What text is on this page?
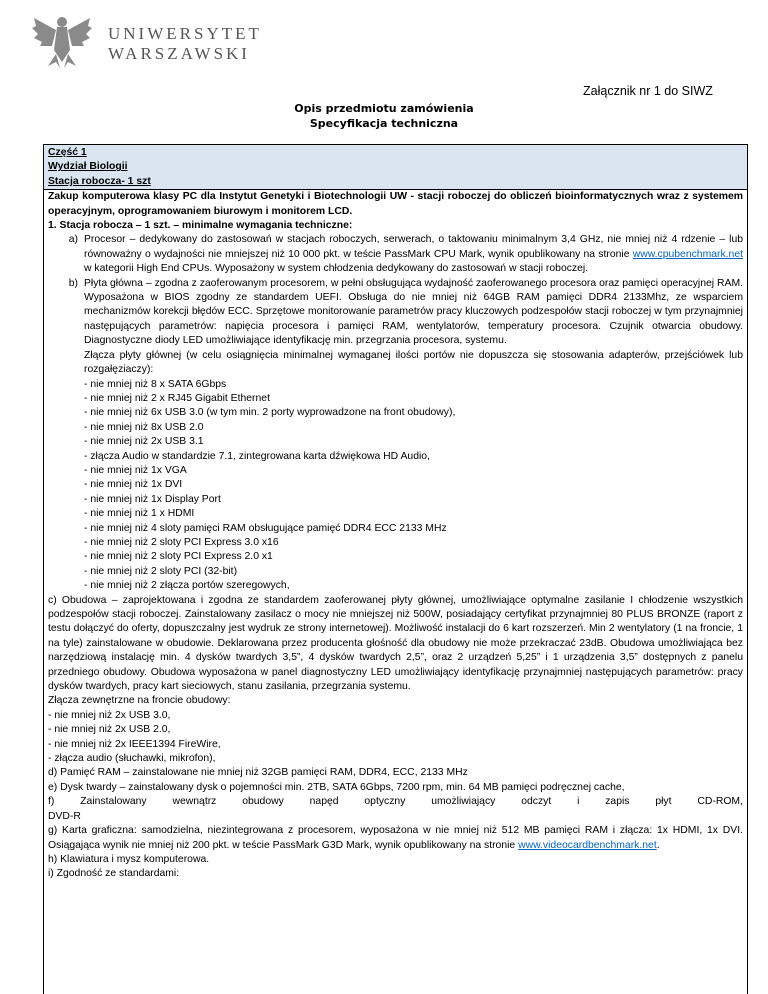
UNIWERSYTET
WARSZAWSKI
Załącznik nr 1 do SIWZ
Opis przedmiotu zamówienia
Specyfikacja techniczna
Część 1
Wydział Biologii
Stacja robocza- 1 szt
Zakup komputerowa klasy PC dla Instytut Genetyki i Biotechnologii UW - stacji roboczej do obliczeń bioinformatycznych wraz z systemem operacyjnym, oprogramowaniem biurowym i monitorem LCD.
1. Stacja robocza – 1 szt. – minimalne wymagania techniczne:
a) Procesor – dedykowany do zastosowań w stacjach roboczych, serwerach, o taktowaniu minimalnym 3,4 GHz, nie mniej niż 4 rdzenie – lub równoważny o wydajności nie mniejszej niż 10 000 pkt. w teście PassMark CPU Mark, wynik opublikowany na stronie www.cpubenchmark.net w kategorii High End CPUs. Wyposażony w system chłodzenia dedykowany do zastosowań w stacji roboczej.
b) Płyta główna – zgodna z zaoferowanym procesorem, w pełni obsługująca wydajność zaoferowanego procesora oraz pamięci operacyjnej RAM. Wyposażona w BIOS zgodny ze standardem UEFI. Obsługa do nie mniej niż 64GB RAM pamięci DDR4 2133Mhz, ze wsparciem mechanizmów korekcji błędów ECC. Sprzętowe monitorowanie parametrów pracy kluczowych podzespołów stacji roboczej w tym przynajmniej następujących parametrów: napięcia procesora i pamięci RAM, wentylatorów, temperatury procesora. Czujnik otwarcia obudowy. Diagnostyczne diody LED umożliwiające identyfikację min. przegrzania procesora, systemu.
Złącza płyty głównej (w celu osiągnięcia minimalnej wymaganej ilości portów nie dopuszcza się stosowania adapterów, przejściówek lub rozgałęziaczy):
- nie mniej niż 8 x SATA 6Gbps
- nie mniej niż 2 x RJ45 Gigabit Ethernet
- nie mniej niż 6x USB 3.0 (w tym min. 2 porty wyprowadzone na front obudowy),
- nie mniej niż 8x USB 2.0
- nie mniej niż 2x USB 3.1
- złącza Audio w standardzie 7.1, zintegrowana karta dźwiękowa HD Audio,
- nie mniej niż 1x VGA
- nie mniej niż 1x DVI
- nie mniej niż 1x Display Port
- nie mniej niż 1 x HDMI
- nie mniej niż 4 sloty pamięci RAM obsługujące pamięć DDR4 ECC 2133 MHz
- nie mniej niż 2 sloty PCI Express 3.0 x16
- nie mniej niż 2 sloty PCI Express 2.0 x1
- nie mniej niż 2 sloty PCI (32-bit)
- nie mniej niż 2 złącza portów szeregowych,
c) Obudowa – zaprojektowana i zgodna ze standardem zaoferowanej płyty głównej, umożliwiające optymalne zasilanie I chłodzenie wszystkich podzespołów stacji roboczej. Zainstalowany zasilacz o mocy nie mniejszej niż 500W, posiadający certyfikat przynajmniej 80 PLUS BRONZE (raport z testu dołączyć do oferty, dopuszczalny jest wydruk ze strony internetowej). Możliwość instalacji do 6 kart rozszerzeń. Min 2 wentylatory (1 na froncie, 1 na tyle) zainstalowane w obudowie. Deklarowana przez producenta głośność dla obudowy nie może przekraczać 23dB. Obudowa umożliwiająca bez narzędziową instalację min. 4 dysków twardych 3,5”, 4 dysków twardych 2,5”, oraz 2 urządzeń 5,25” i 1 urządzenia 3,5” dostępnych z panelu przedniego obudowy. Obudowa wyposażona w panel diagnostyczny LED umożliwiający identyfikację przynajmniej następujących parametrów: pracy dysków twardych, pracy kart sieciowych, stanu zasilania, przegrzania systemu.
Złącza zewnętrzne na froncie obudowy:
- nie mniej niż 2x USB 3.0,
- nie mniej niż 2x USB 2.0,
- nie mniej niż 2x IEEE1394 FireWire,
- złącza audio (słuchawki, mikrofon),
d) Pamięć RAM – zainstalowane nie mniej niż 32GB pamięci RAM, DDR4, ECC, 2133 MHz
e) Dysk twardy – zainstalowany dysk o pojemności min. 2TB, SATA 6Gbps, 7200 rpm, min. 64 MB pamięci podręcznej cache,
f) Zainstalowany wewnątrz obudowy napęd optyczny umożliwiający odczyt i zapis płyt CD-ROM,
DVD-R
g) Karta graficzna: samodzielna, niezintegrowana z procesorem, wyposażona w nie mniej niż 512 MB pamięci RAM i złącza: 1x HDMI, 1x DVI. Osiągająca wynik nie mniej niż 200 pkt. w teście PassMark G3D Mark, wynik opublikowany na stronie www.videocardbenchmark.net.
h) Klawiatura i mysz komputerowa.
i) Zgodność ze standardami:
